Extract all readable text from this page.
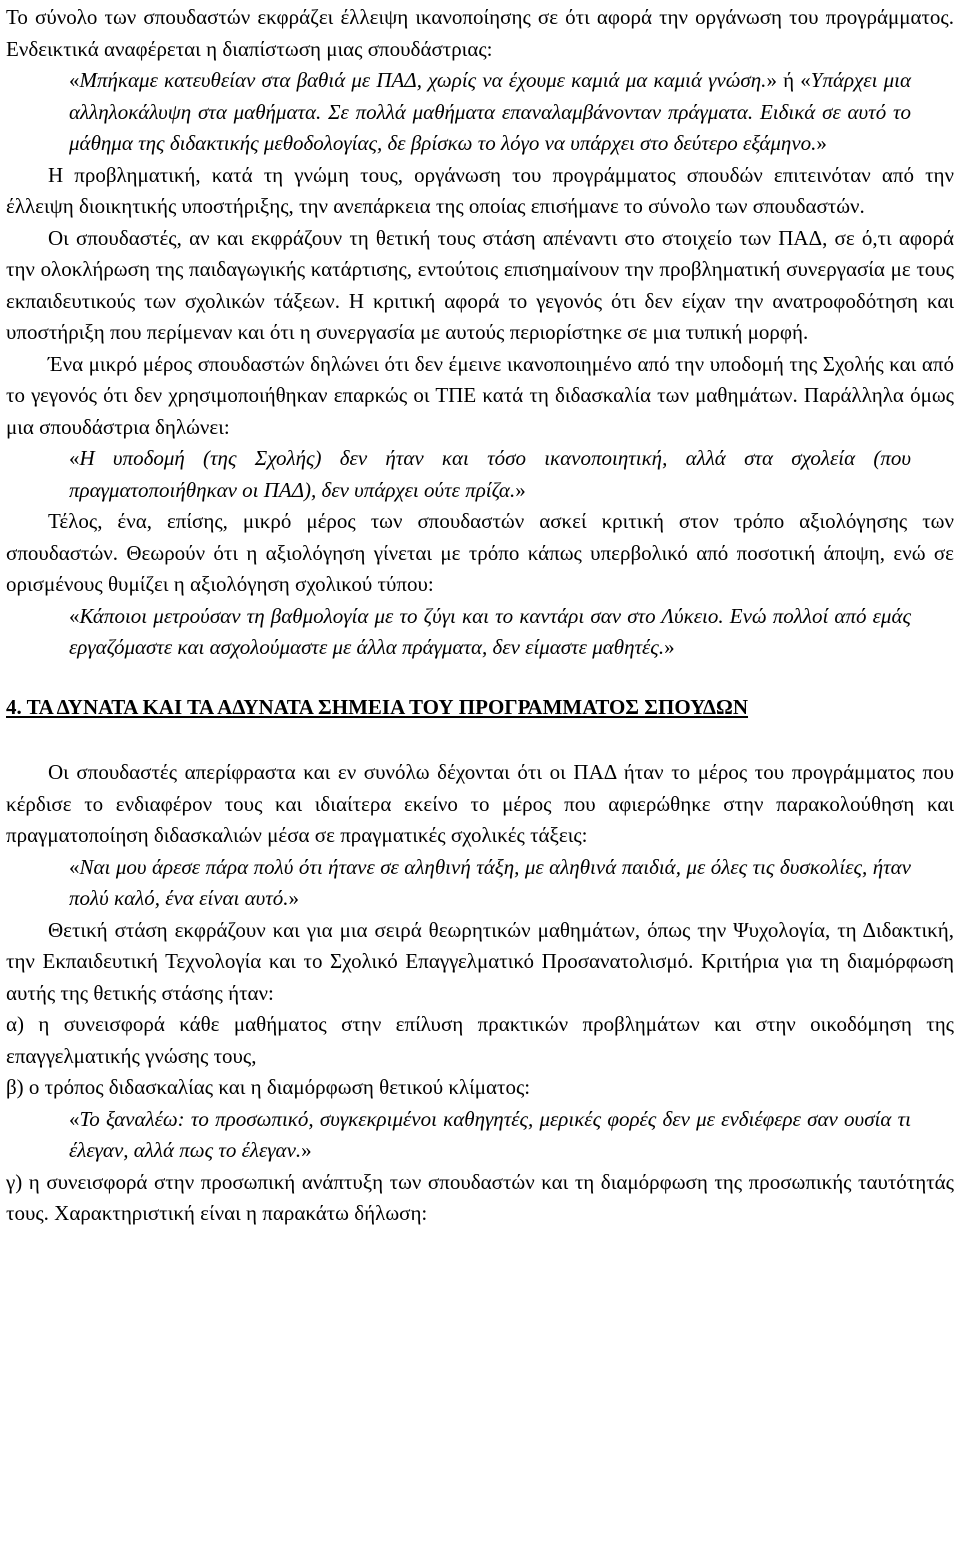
Το σύνολο των σπουδαστών εκφράζει έλλειψη ικανοποίησης σε ότι αφορά την οργάνωση του προγράμματος. Ενδεικτικά αναφέρεται η διαπίστωση μιας σπουδάστριας:

«Μπήκαμε κατευθείαν στα βαθιά με ΠΑΔ, χωρίς να έχουμε καμιά μα καμιά γνώση.» ή «Υπάρχει μια αλληλοκάλυψη στα μαθήματα. Σε πολλά μαθήματα επαναλαμβάνονταν πράγματα. Ειδικά σε αυτό το μάθημα της διδακτικής μεθοδολογίας, δε βρίσκω το λόγο να υπάρχει στο δεύτερο εξάμηνο.»

Η προβληματική, κατά τη γνώμη τους, οργάνωση του προγράμματος σπουδών επιτεινόταν από την έλλειψη διοικητικής υποστήριξης, την ανεπάρκεια της οποίας επισήμανε το σύνολο των σπουδαστών.

Οι σπουδαστές, αν και εκφράζουν τη θετική τους στάση απέναντι στο στοιχείο των ΠΑΔ, σε ό,τι αφορά την ολοκλήρωση της παιδαγωγικής κατάρτισης, εντούτοις επισημαίνουν την προβληματική συνεργασία με τους εκπαιδευτικούς των σχολικών τάξεων. Η κριτική αφορά το γεγονός ότι δεν είχαν την ανατροφοδότηση και υποστήριξη που περίμεναν και ότι η συνεργασία με αυτούς περιορίστηκε σε μια τυπική μορφή.

Ένα μικρό μέρος σπουδαστών δηλώνει ότι δεν έμεινε ικανοποιημένο από την υποδομή της Σχολής και από το γεγονός ότι δεν χρησιμοποιήθηκαν επαρκώς οι ΤΠΕ κατά τη διδασκαλία των μαθημάτων. Παράλληλα όμως μια σπουδάστρια δηλώνει:

«Η υποδομή (της Σχολής) δεν ήταν και τόσο ικανοποιητική, αλλά στα σχολεία (που πραγματοποιήθηκαν οι ΠΑΔ), δεν υπάρχει ούτε πρίζα.»

Τέλος, ένα, επίσης, μικρό μέρος των σπουδαστών ασκεί κριτική στον τρόπο αξιολόγησης των σπουδαστών. Θεωρούν ότι η αξιολόγηση γίνεται με τρόπο κάπως υπερβολικό από ποσοτική άποψη, ενώ σε ορισμένους θυμίζει η αξιολόγηση σχολικού τύπου:

«Κάποιοι μετρούσαν τη βαθμολογία με το ζύγι και το καντάρι σαν στο Λύκειο. Ενώ πολλοί από εμάς εργαζόμαστε και ασχολούμαστε με άλλα πράγματα, δεν είμαστε μαθητές.»

4. ΤΑ ΔΥΝΑΤΑ ΚΑΙ ΤΑ ΑΔΥΝΑΤΑ ΣΗΜΕΙΑ ΤΟΥ ΠΡΟΓΡΑΜΜΑΤΟΣ ΣΠΟΥΔΩΝ

Οι σπουδαστές απερίφραστα και εν συνόλω δέχονται ότι οι ΠΑΔ ήταν το μέρος του προγράμματος που κέρδισε το ενδιαφέρον τους και ιδιαίτερα εκείνο το μέρος που αφιερώθηκε στην παρακολούθηση και πραγματοποίηση διδασκαλιών μέσα σε πραγματικές σχολικές τάξεις:

«Ναι μου άρεσε πάρα πολύ ότι ήτανε σε αληθινή τάξη, με αληθινά παιδιά, με όλες τις δυσκολίες, ήταν πολύ καλό, ένα είναι αυτό.»

Θετική στάση εκφράζουν και για μια σειρά θεωρητικών μαθημάτων, όπως την Ψυχολογία, τη Διδακτική, την Εκπαιδευτική Τεχνολογία και το Σχολικό Επαγγελματικό Προσανατολισμό. Κριτήρια για τη διαμόρφωση αυτής της θετικής στάσης ήταν:

α) η συνεισφορά κάθε μαθήματος στην επίλυση πρακτικών προβλημάτων και στην οικοδόμηση της επαγγελματικής γνώσης τους,

β) ο τρόπος διδασκαλίας και η διαμόρφωση θετικού κλίματος:

«Το ξαναλέω: το προσωπικό, συγκεκριμένοι καθηγητές, μερικές φορές δεν με ενδιέφερε σαν ουσία τι έλεγαν, αλλά πως το έλεγαν.»

γ) η συνεισφορά στην προσωπική ανάπτυξη των σπουδαστών και τη διαμόρφωση της προσωπικής ταυτότητάς τους. Χαρακτηριστική είναι η παρακάτω δήλωση:
